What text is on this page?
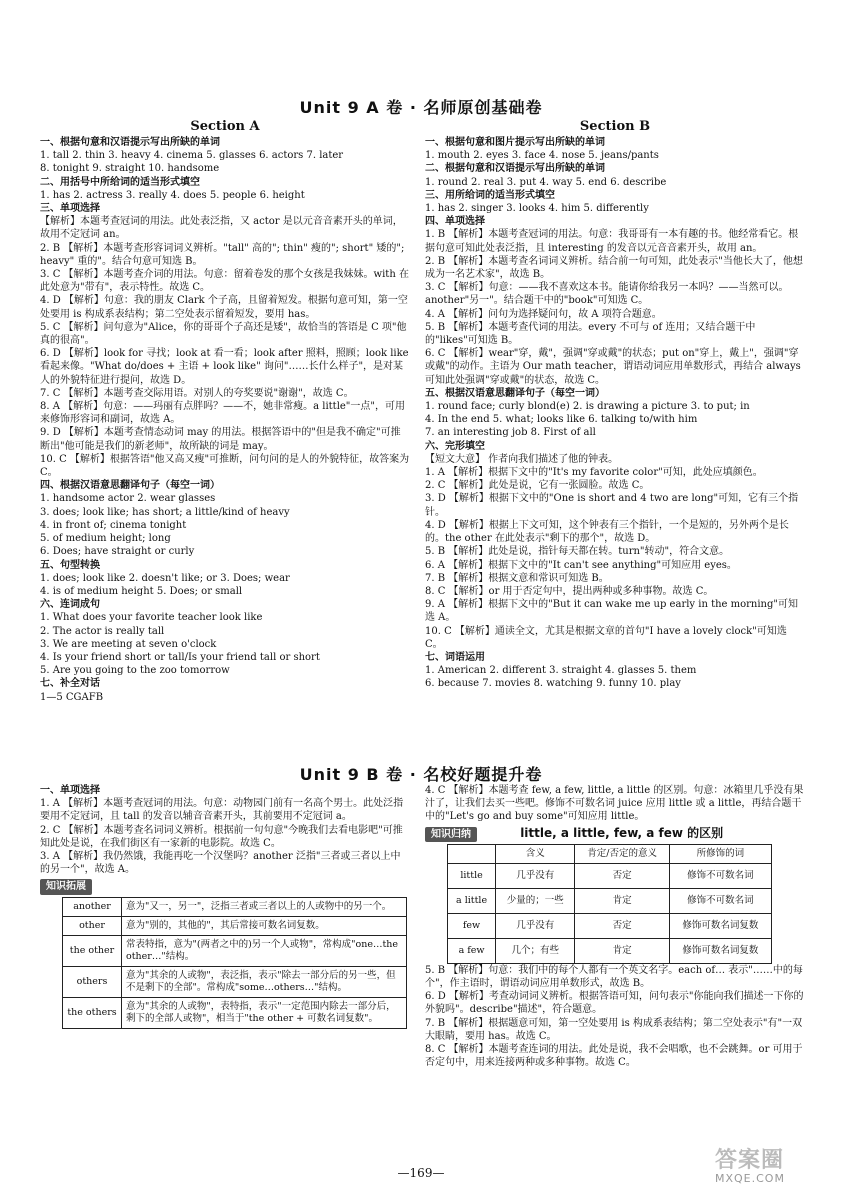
Unit 9 A 卷 · 名师原创基础卷
Section A
一、根据句意和汉语提示写出所缺的单词
1. tall 2. thin 3. heavy 4. cinema 5. glasses 6. actors 7. later
8. tonight 9. straight 10. handsome
二、用括号中所给词的适当形式填空
1. has 2. actress 3. really 4. does 5. people 6. height
三、单项选择
【解析】本题考查冠词的用法。此处表泛指，又 actor 是以元音音素开头的单词，故用不定冠词 an。
2. B 【解析】本题考查形容词词义辨析。"tall" 高的"; thin" 瘦的"; short" 矮的"; heavy" 重的"。结合句意可知选 B。
3. C 【解析】本题考查介词的用法。句意：留着卷发的那个女孩是我妹妹。with 在此处意为"带有"，表示特性。故选 C。
4. D 【解析】句意：我的朋友 Clark 个子高，且留着短发。根据句意可知，第一空处要用 is 构成系表结构；第二空处表示留着短发，要用 has。
5. C 【解析】问句意为"Alice，你的哥哥个子高还是矮"，故恰当的答语是 C 项"他真的很高"。
6. D 【解析】look for 寻找；look at 看一看；look after 照料，照顾；look like 看起来像。"What do/does + 主语 + look like" 询问"……长什么样子"，是对某人的外貌特征进行提问，故选 D。
7. C 【解析】本题考查交际用语。对别人的夸奖要说"谢谢"，故选 C。
8. A 【解析】句意：——玛丽有点胖吗？——不，她非常瘦。a little"一点"，可用来修饰形容词和副词，故选 A。
9. D 【解析】本题考查情态动词 may 的用法。根据答语中的"但是我不确定"可推断出"他可能是我们的新老师"，故所缺的词是 may。
10. C 【解析】根据答语"他又高又瘦"可推断，问句问的是人的外貌特征，故答案为 C。
四、根据汉语意思翻译句子（每空一词）
1. handsome actor 2. wear glasses
3. does; look like; has short; a little/kind of heavy
4. in front of; cinema tonight
5. of medium height; long
6. Does; have straight or curly
五、句型转换
1. does; look like 2. doesn't like; or 3. Does; wear
4. is of medium height 5. Does; or small
六、连词成句
1. What does your favorite teacher look like
2. The actor is really tall
3. We are meeting at seven o'clock
4. Is your friend short or tall/Is your friend tall or short
5. Are you going to the zoo tomorrow
七、补全对话
1—5 CGAFB
Section B
一、根据句意和图片提示写出所缺的单词
1. mouth 2. eyes 3. face 4. nose 5. jeans/pants
二、根据句意和汉语提示写出所缺的单词
1. round 2. real 3. put 4. way 5. end 6. describe
三、用所给词的适当形式填空
1. has 2. singer 3. looks 4. him 5. differently
四、单项选择
1. B 【解析】本题考查冠词的用法。句意：我哥哥有一本有趣的书。他经常看它。根据句意可知此处表泛指，且 interesting 的发音以元音音素开头，故用 an。
2. B 【解析】本题考查名词词义辨析。结合前一句可知，此处表示"当他长大了，他想成为一名艺术家"，故选 B。
3. C 【解析】句意：——我不喜欢这本书。能请你给我另一本吗？——当然可以。another"另一"。结合题干中的"book"可知选 C。
4. A 【解析】问句为选择疑问句，故 A 项符合题意。
5. B 【解析】本题考查代词的用法。every 不可与 of 连用；又结合题干中的"likes"可知选 B。
6. C 【解析】wear"穿，戴"，强调"穿或戴"的状态；put on"穿上，戴上"，强调"穿或戴"的动作。主语为 Our math teacher，谓语动词应用单数形式，再结合 always 可知此处强调"穿或戴"的状态，故选 C。
五、根据汉语意思翻译句子（每空一词）
1. round face; curly blond(e) 2. is drawing a picture 3. to put; in
4. In the end 5. what; looks like 6. talking to/with him
7. an interesting job 8. First of all
六、完形填空
【短文大意】 作者向我们描述了他的钟表。
1. A 【解析】根据下文中的"It's my favorite color"可知，此处应填颜色。
2. C 【解析】此处是说，它有一张圆脸。故选 C。
3. D 【解析】根据下文中的"One is short and 4 two are long"可知，它有三个指针。
4. D 【解析】根据上下文可知，这个钟表有三个指针，一个是短的，另外两个是长的。the other 在此处表示"剩下的那个"，故选 D。
5. B 【解析】此处是说，指针每天都在转。turn"转动"，符合文意。
6. A 【解析】根据下文中的"It can't see anything"可知应用 eyes。
7. B 【解析】根据文意和常识可知选 B。
8. C 【解析】or 用于否定句中，提出两种或多种事物。故选 C。
9. A 【解析】根据下文中的"But it can wake me up early in the morning"可知选 A。
10. C 【解析】通读全文，尤其是根据文章的首句"I have a lovely clock"可知选 C。
七、词语运用
1. American 2. different 3. straight 4. glasses 5. them
6. because 7. movies 8. watching 9. funny 10. play
Unit 9 B 卷 · 名校好题提升卷
一、单项选择
1. A 【解析】本题考查冠词的用法。句意：动物园门前有一名高个男士。此处泛指要用不定冠词，且 tall 的发音以辅音音素开头，其前要用不定冠词 a。
2. C 【解析】本题考查名词词义辨析。根据前一句句意"今晚我们去看电影吧"可推知此处是说，在我们街区有一家新的电影院。故选 C。
3. A 【解析】我仍然饿，我能再吃一个汉堡吗？another 泛指"三者或三者以上中的另一个"，故选 A。
知识拓展
another	意为"又一，另一"，泛指三者或三者以上的人或物中的另一个。
other	意为"别的，其他的"，其后常接可数名词复数。
the other	常表特指，意为"(两者之中的)另一个人或物"，常构成"one…the other…"结构。
others	意为"其余的人或物"，表泛指，表示"除去一部分后的另一些，但不是剩下的全部"。常构成"some…others…"结构。
the others	意为"其余的人或物"，表特指，表示"一定范围内除去一部分后，剩下的全部人或物"，相当于"the other + 可数名词复数"。
4. C 【解析】本题考查 few, a few, little, a little 的区别。句意：冰箱里几乎没有果汁了，让我们去买一些吧。修饰不可数名词 juice 应用 little 或 a little，再结合题干中的"Let's go and buy some"可知应用 little。
知识归纳	little, a little, few, a few 的区别
	含义	肯定/否定的意义	所修饰的词
little	几乎没有	否定	修饰不可数名词
a little	少量的；一些	肯定	修饰不可数名词
few	几乎没有	否定	修饰可数名词复数
a few	几个；有些	肯定	修饰可数名词复数
5. B 【解析】句意：我们中的每个人都有一个英文名字。each of… 表示"……中的每个"，作主语时，谓语动词应用单数形式，故选 B。
6. D 【解析】考查动词词义辨析。根据答语可知，问句表示"你能向我们描述一下你的外貌吗"。describe"描述"，符合题意。
7. B 【解析】根据题意可知，第一空处要用 is 构成系表结构；第二空处表示"有"一双大眼睛，要用 has。故选 C。
8. C 【解析】本题考查连词的用法。此处是说，我不会唱歌，也不会跳舞。or 可用于否定句中，用来连接两种或多种事物。故选 C。
—169—	答案圈
MXQE.COM
